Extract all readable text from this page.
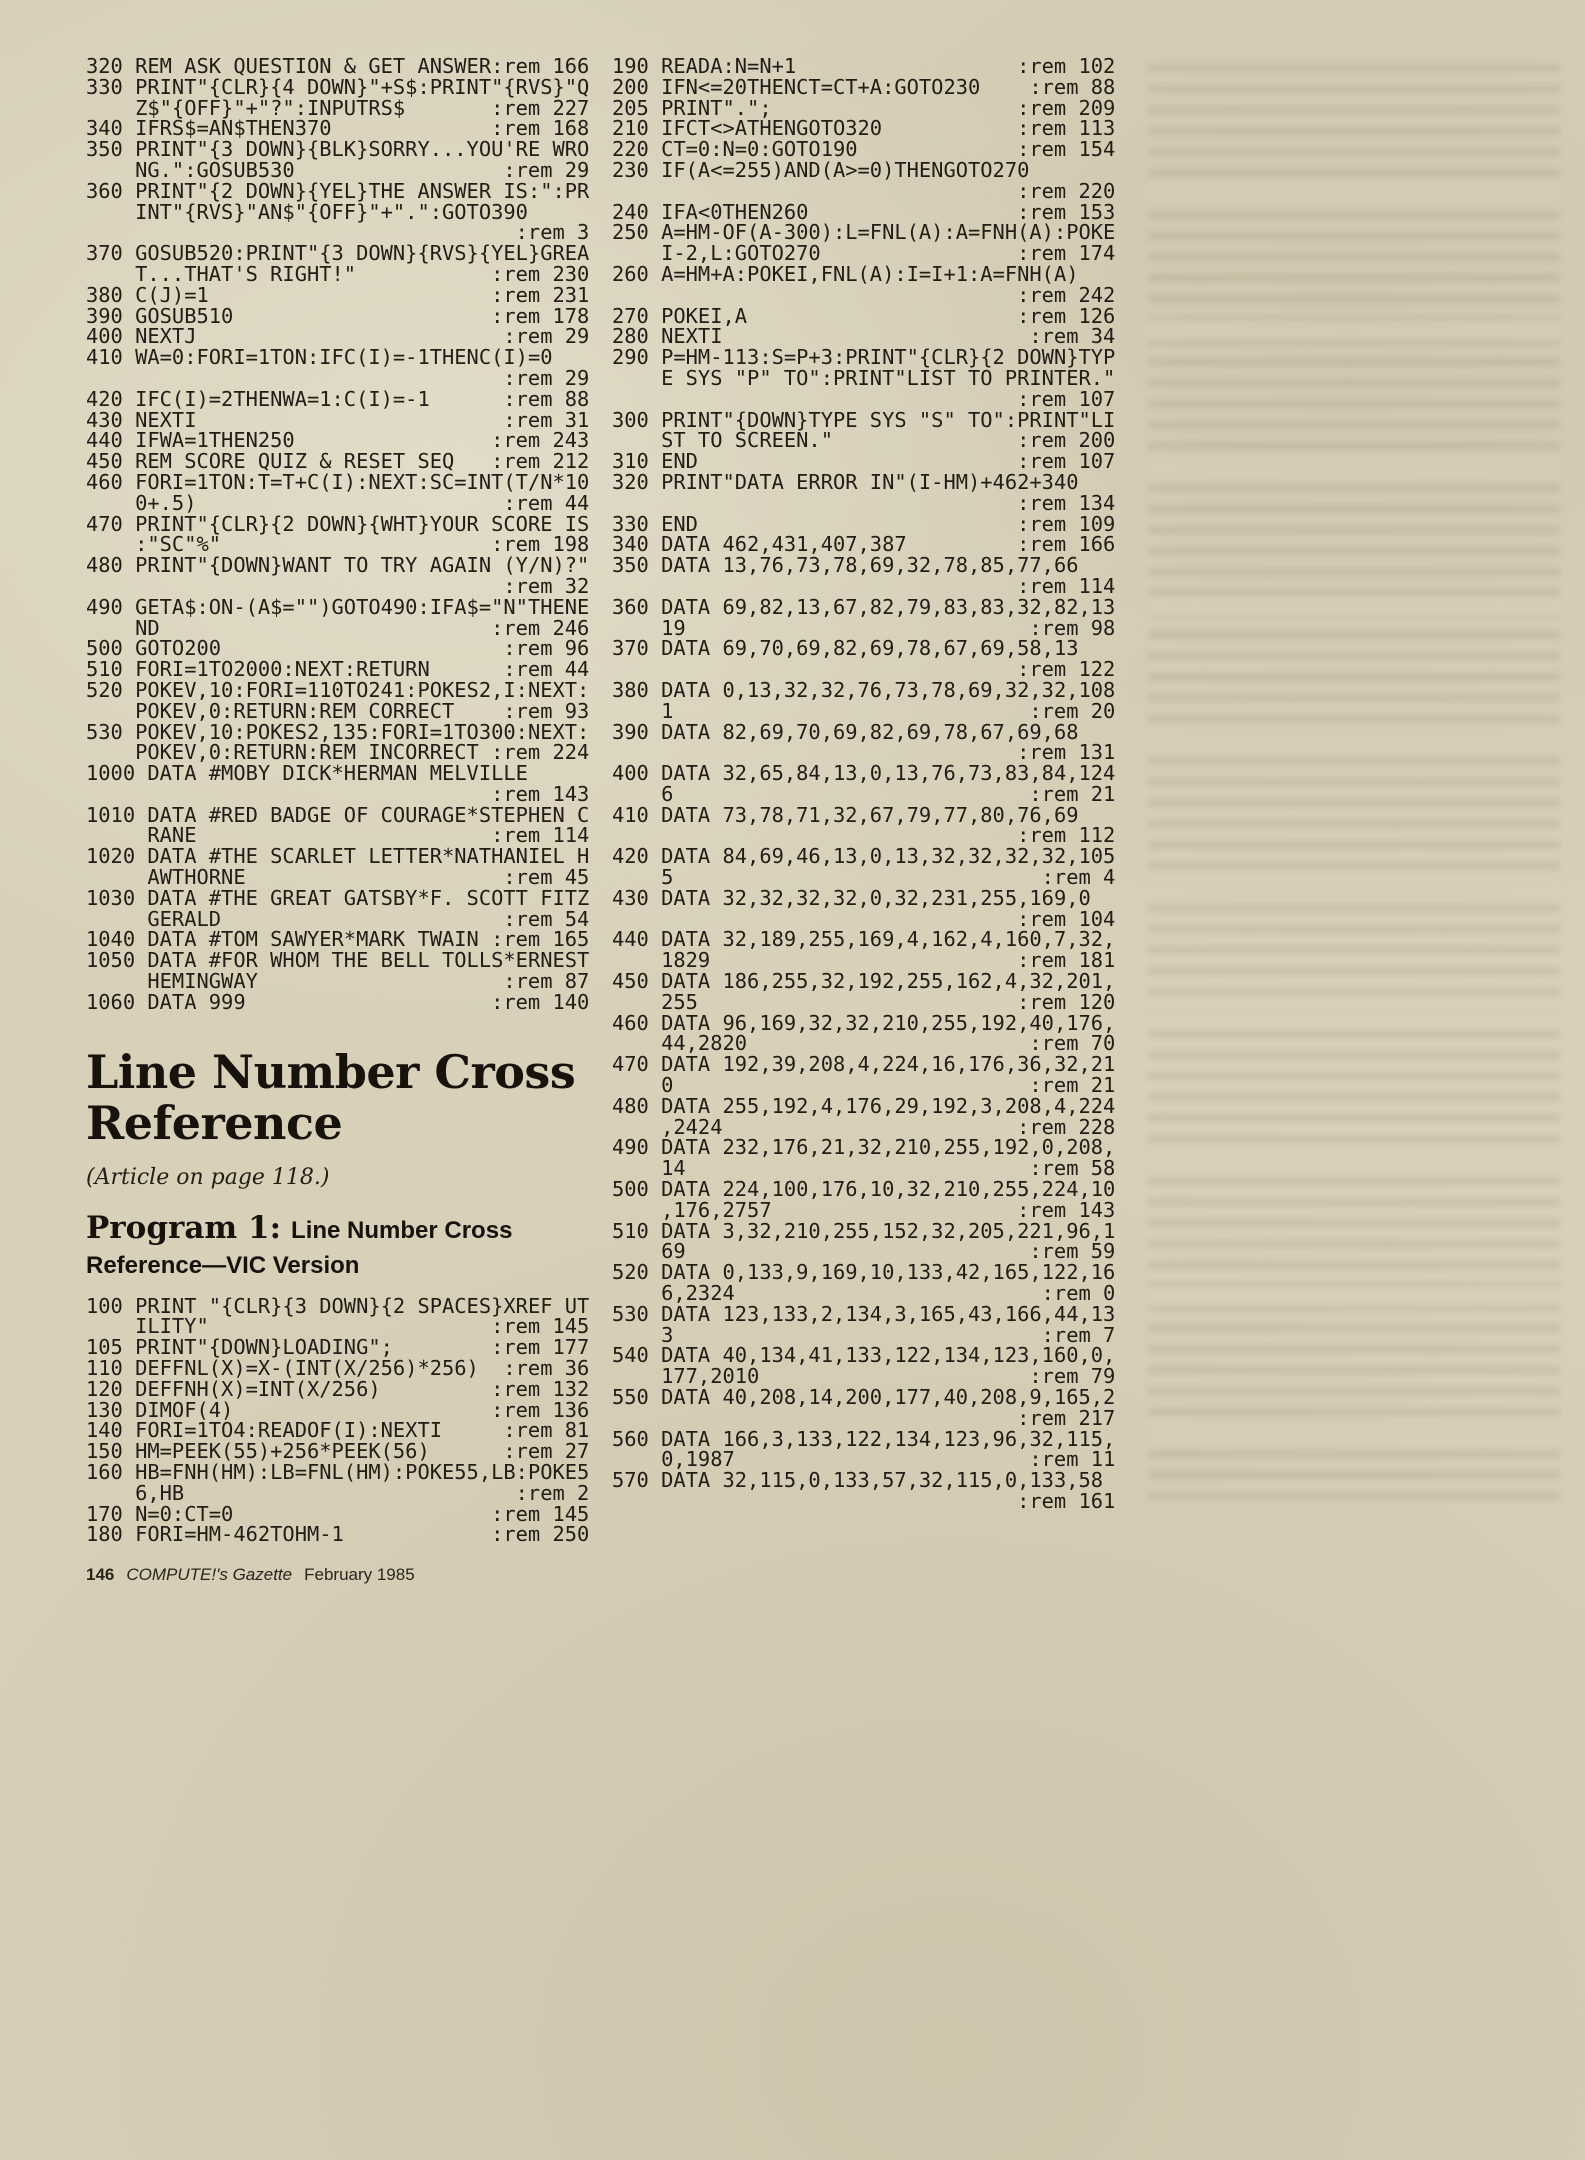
320 REM ASK QUESTION & GET ANSWER :rem 166
330 PRINT"{CLR}{4 DOWN}"+S$:PRINT"{RVS}"Q
Z$"{OFF}"+"?":INPUTRS$	:rem 227
340 IFRS$=AN$THEN370	:rem 168
350 PRINT"{3 DOWN}{BLK}SORRY...YOU'RE WRO
NG.":GOSUB530	:rem 29
360 PRINT"{2 DOWN}{YEL}THE ANSWER IS:":PR
INT"{RVS}"AN$"{OFF}"+".":GOTO390
:rem 3
370 GOSUB520:PRINT"{3 DOWN}{RVS}{YEL}GREA
T...THAT'S RIGHT!"	:rem 230
380 C(J)=1	:rem 231
390 GOSUB510	:rem 178
400 NEXTJ	:rem 29
410 WA=0:FORI=1TON:IFC(I)=-1THENC(I)=0
:rem 29
420 IFC(I)=2THENWA=1:C(I)=-1	:rem 88
430 NEXTI	:rem 31
440 IFWA=1THEN250	:rem 243
450 REM SCORE QUIZ & RESET SEQ :rem 212
460 FORI=1TON:T=T+C(I):NEXT:SC=INT(T/N*10
0+.5)	:rem 44
470 PRINT"{CLR}{2 DOWN}{WHT}YOUR SCORE IS
:"SC"%"	:rem 198
480 PRINT"{DOWN}WANT TO TRY AGAIN (Y/N)?"
:rem 32
490 GETA$:ON-(A$="")GOTO490:IFA$="N"THENE
ND	:rem 246
500 GOTO200	:rem 96
510 FORI=1TO2000:NEXT:RETURN	:rem 44
520 POKEV,10:FORI=110TO241:POKES2,I:NEXT:
POKEV,0:RETURN:REM CORRECT :rem 93
530 POKEV,10:POKES2,135:FORI=1TO300:NEXT:
POKEV,0:RETURN:REM INCORRECT :rem 224
1000 DATA #MOBY DICK*HERMAN MELVILLE
:rem 143
1010 DATA #RED BADGE OF COURAGE*STEPHEN C
RANE	:rem 114
1020 DATA #THE SCARLET LETTER*NATHANIEL H
AWTHORNE	:rem 45
1030 DATA #THE GREAT GATSBY*F. SCOTT FITZ
GERALD	:rem 54
1040 DATA #TOM SAWYER*MARK TWAIN :rem 165
1050 DATA #FOR WHOM THE BELL TOLLS*ERNEST
HEMINGWAY	:rem 87
1060 DATA 999	:rem 140
Line Number Cross
Reference
(Article on page 118.)
Program 1: Line Number Cross
Reference—VIC Version
100 PRINT "{CLR}{3 DOWN}{2 SPACES}XREF UT
ILITY"	:rem 145
105 PRINT"{DOWN}LOADING";	:rem 177
110 DEFFNL(X)=X-(INT(X/256)*256) :rem 36
120 DEFFNH(X)=INT(X/256)	:rem 132
130 DIMOF(4)	:rem 136
140 FORI=1TO4:READOF(I):NEXTI	:rem 81
150 HM=PEEK(55)+256*PEEK(56)	:rem 27
160 HB=FNH(HM):LB=FNL(HM):POKE55,LB:POKE5
6,HB	:rem 2
170 N=0:CT=0	:rem 145
180 FORI=HM-462TOHM-1	:rem 250
146 COMPUTE!'s Gazette February 1985
190 READA:N=N+1	:rem 102
200 IFN<=20THENCT=CT+A:GOTO230 :rem 88
205 PRINT".";	:rem 209
210 IFCT<>ATHENGOTO320	:rem 113
220 CT=0:N=0:GOTO190	:rem 154
230 IF(A<=255)AND(A>=0)THENGOTO270
:rem 220
240 IFA<0THEN260	:rem 153
250 A=HM-OF(A-300):L=FNL(A):A=FNH(A):POKE
I-2,L:GOTO270	:rem 174
260 A=HM+A:POKEI,FNL(A):I=I+1:A=FNH(A)
:rem 242
270 POKEI,A	:rem 126
280 NEXTI	:rem 34
290 P=HM-113:S=P+3:PRINT"{CLR}{2 DOWN}TYP
E SYS "P" TO":PRINT"LIST TO PRINTER."
:rem 107
300 PRINT"{DOWN}TYPE SYS "S" TO":PRINT"LI
ST TO SCREEN."	:rem 200
310 END	:rem 107
320 PRINT"DATA ERROR IN"(I-HM)+462+340
:rem 134
330 END	:rem 109
340 DATA 462,431,407,387	:rem 166
350 DATA 13,76,73,78,69,32,78,85,77,66
:rem 114
360 DATA 69,82,13,67,82,79,83,83,32,82,13
19	:rem 98
370 DATA 69,70,69,82,69,78,67,69,58,13
:rem 122
380 DATA 0,13,32,32,76,73,78,69,32,32,108
1	:rem 20
390 DATA 82,69,70,69,82,69,78,67,69,68
:rem 131
400 DATA 32,65,84,13,0,13,76,73,83,84,124
6	:rem 21
410 DATA 73,78,71,32,67,79,77,80,76,69
:rem 112
420 DATA 84,69,46,13,0,13,32,32,32,32,105
5	:rem 4
430 DATA 32,32,32,32,0,32,231,255,169,0
:rem 104
440 DATA 32,189,255,169,4,162,4,160,7,32,
1829	:rem 181
450 DATA 186,255,32,192,255,162,4,32,201,
255	:rem 120
460 DATA 96,169,32,32,210,255,192,40,176,
44,2820	:rem 70
470 DATA 192,39,208,4,224,16,176,36,32,21
0	:rem 21
480 DATA 255,192,4,176,29,192,3,208,4,224
,2424	:rem 228
490 DATA 232,176,21,32,210,255,192,0,208,
14	:rem 58
500 DATA 224,100,176,10,32,210,255,224,10
,176,2757	:rem 143
510 DATA 3,32,210,255,152,32,205,221,96,1
69	:rem 59
520 DATA 0,133,9,169,10,133,42,165,122,16
6,2324	:rem 0
530 DATA 123,133,2,134,3,165,43,166,44,13
3	:rem 7
540 DATA 40,134,41,133,122,134,123,160,0,
177,2010	:rem 79
550 DATA 40,208,14,200,177,40,208,9,165,2
:rem 217
560 DATA 166,3,133,122,134,123,96,32,115,
0,1987	:rem 11
570 DATA 32,115,0,133,57,32,115,0,133,58
:rem 161
